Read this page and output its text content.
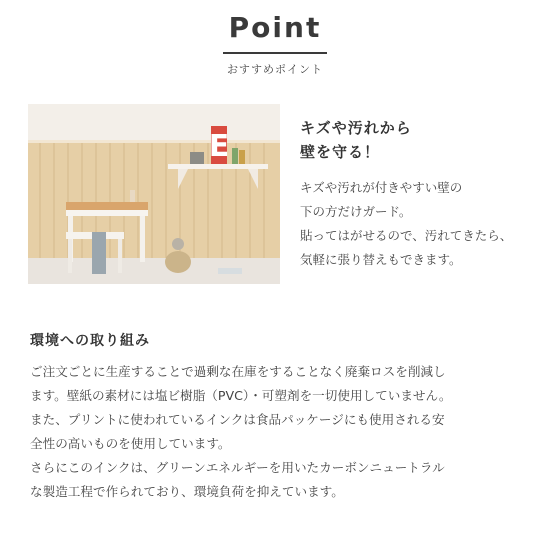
Point
おすすめポイント
E
キズや汚れから
壁を守る！
キズや汚れが付きやすい壁の
下の方だけガード。
貼ってはがせるので、汚れてきたら、
気軽に張り替えもできます。
環境への取り組み
ご注文ごとに生産することで過剰な在庫をすることなく廃棄ロスを削減し
ます。壁紙の素材には塩ビ樹脂（PVC）・可塑剤を一切使用していません。
また、プリントに使われているインクは食品パッケージにも使用される安
全性の高いものを使用しています。
さらにこのインクは、グリーンエネルギーを用いたカーボンニュートラル
な製造工程で作られており、環境負荷を抑えています。
